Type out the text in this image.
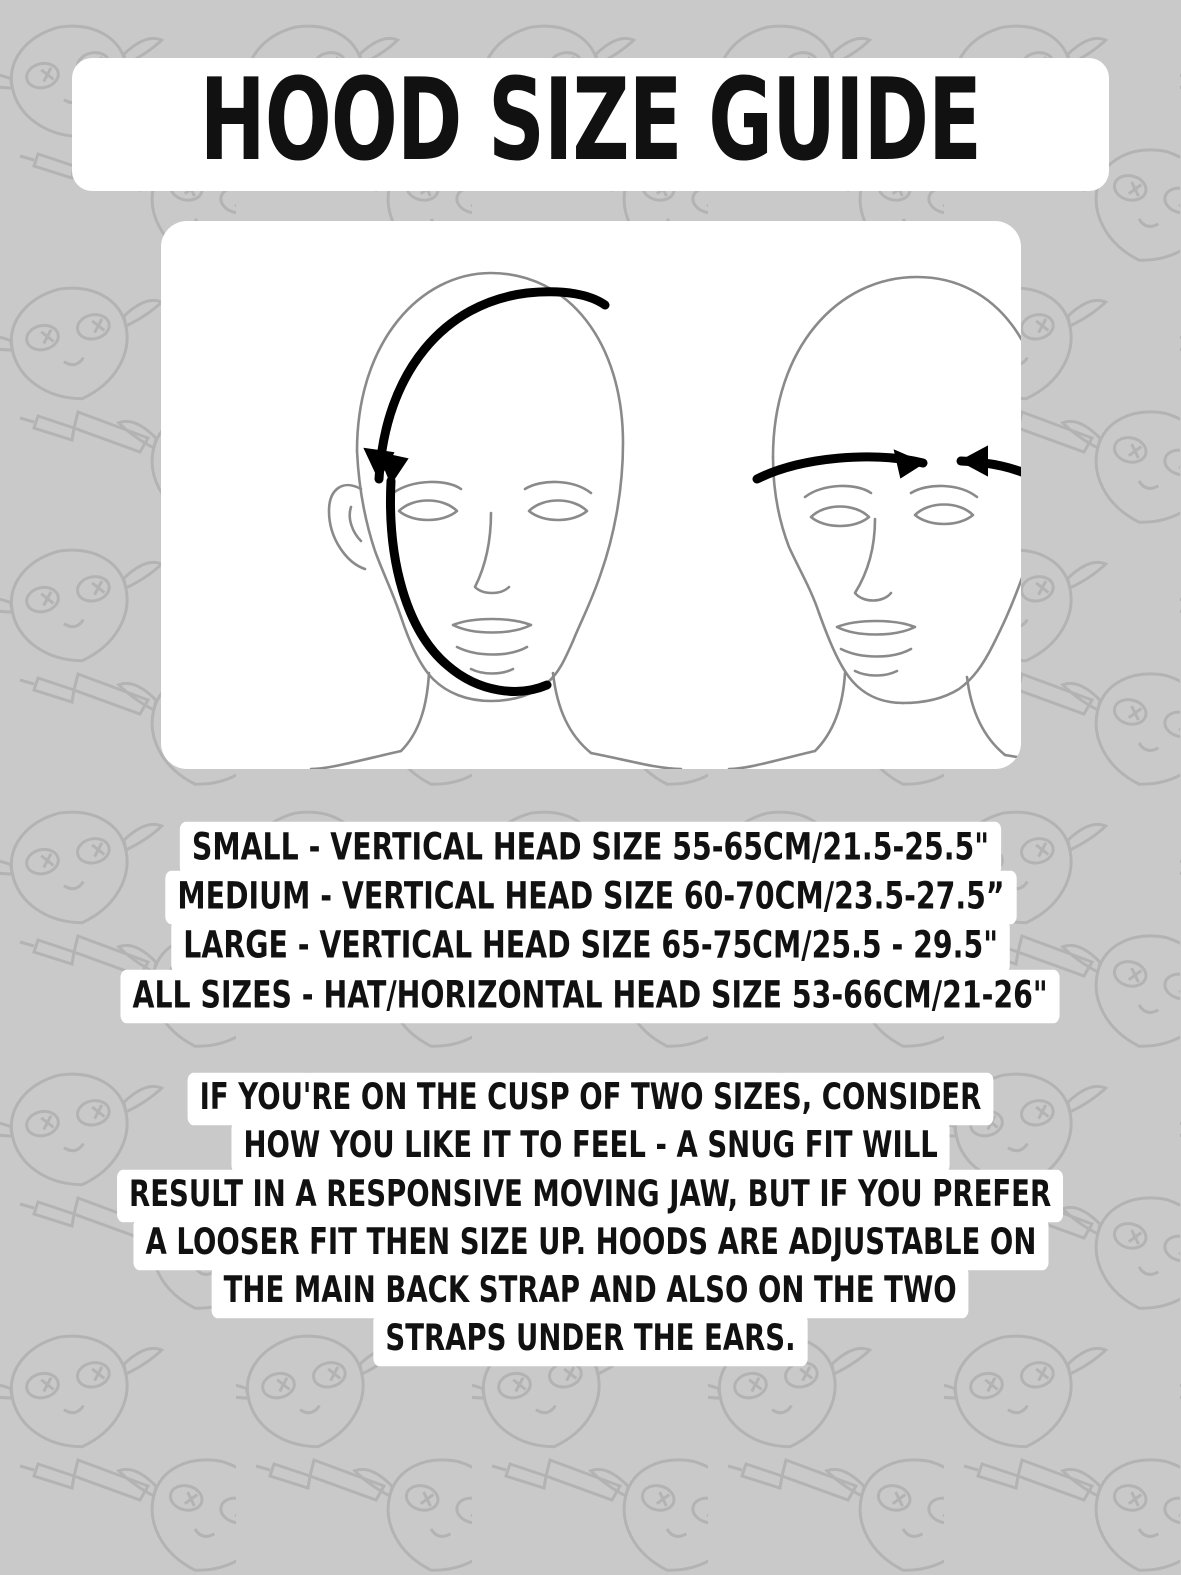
HOOD SIZE GUIDE
SMALL - VERTICAL HEAD SIZE 55-65CM/21.5-25.5"
MEDIUM - VERTICAL HEAD SIZE 60-70CM/23.5-27.5”
LARGE - VERTICAL HEAD SIZE 65-75CM/25.5 - 29.5"
ALL SIZES - HAT/HORIZONTAL HEAD SIZE 53-66CM/21-26"
IF YOU'RE ON THE CUSP OF TWO SIZES, CONSIDER
HOW YOU LIKE IT TO FEEL - A SNUG FIT WILL
RESULT IN A RESPONSIVE MOVING JAW, BUT IF YOU PREFER
A LOOSER FIT THEN SIZE UP. HOODS ARE ADJUSTABLE ON
THE MAIN BACK STRAP AND ALSO ON THE TWO
STRAPS UNDER THE EARS.
